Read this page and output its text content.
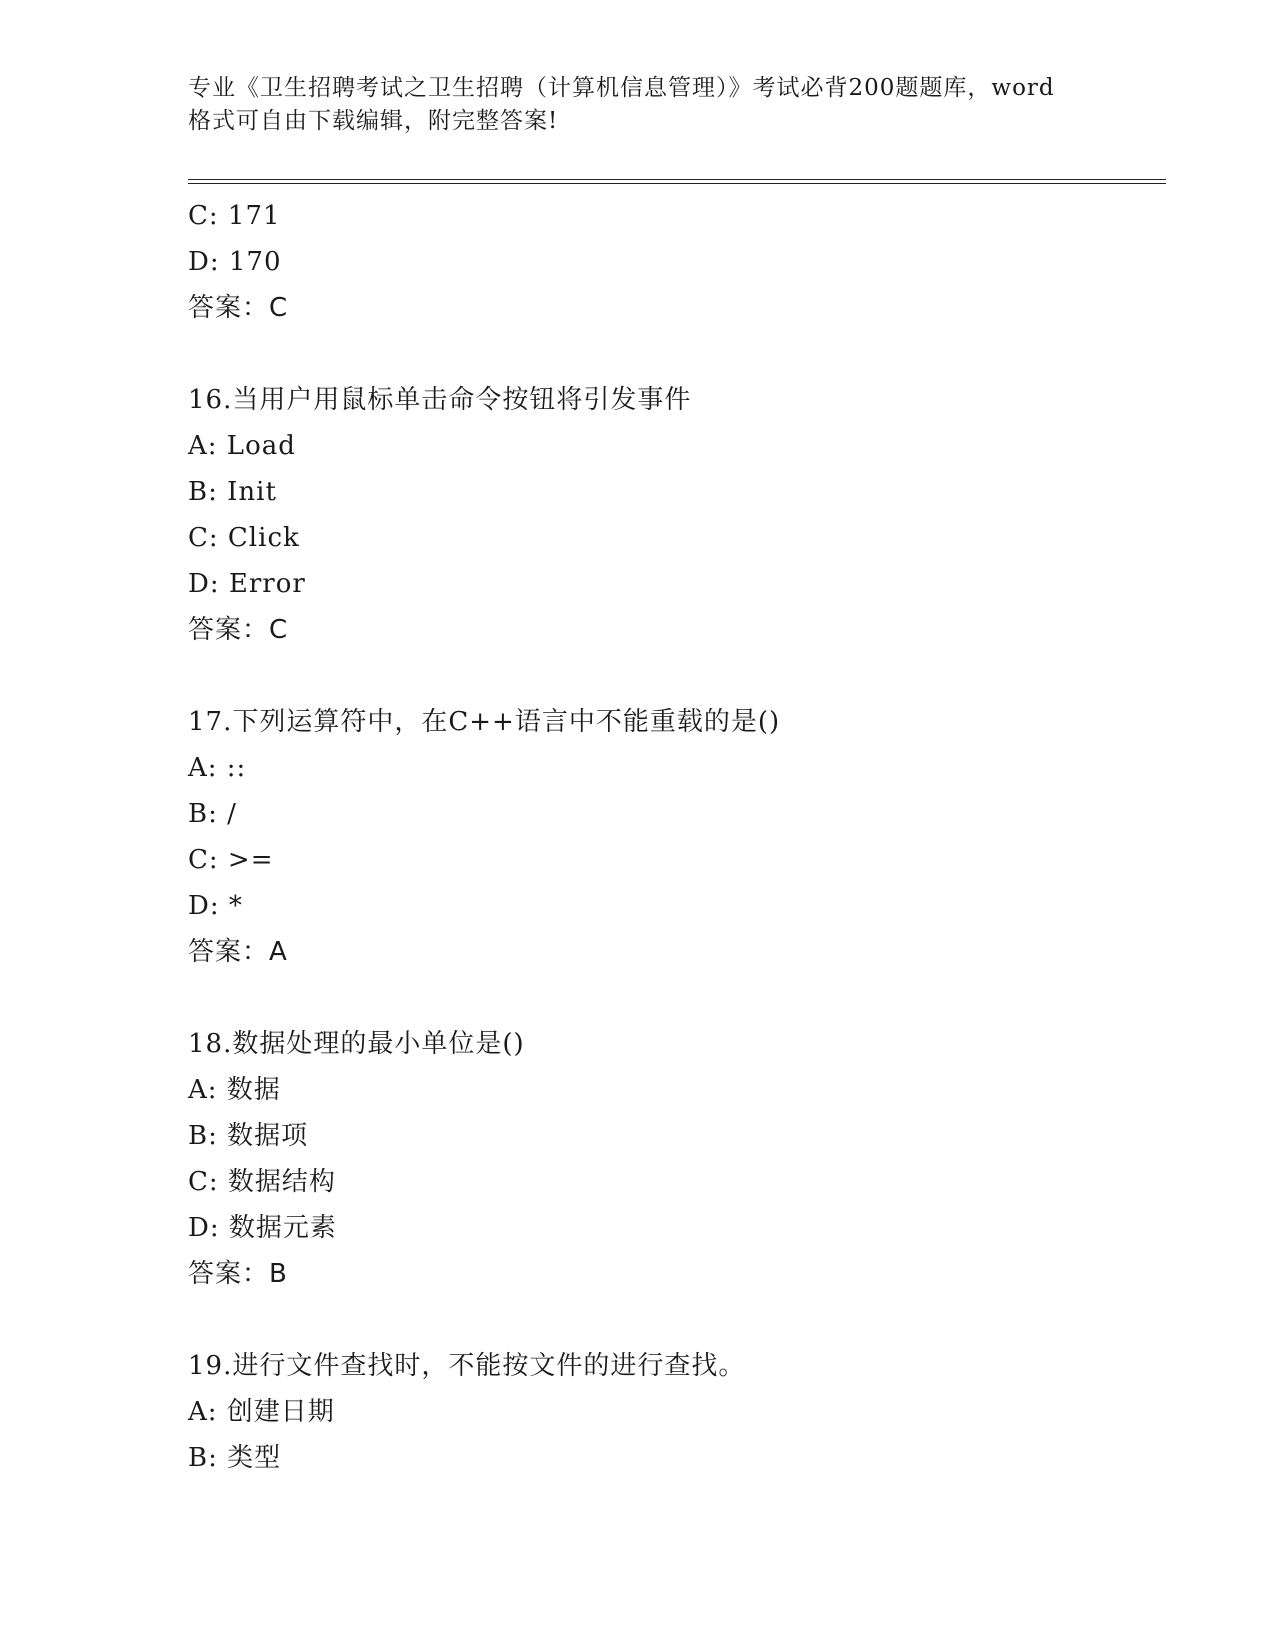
专业《卫生招聘考试之卫生招聘（计算机信息管理）》考试必背200题题库，word
格式可自由下载编辑，附完整答案!
C: 171
D: 170
答案：C
16.当用户用鼠标单击命令按钮将引发事件
A: Load
B: Init
C: Click
D: Error
答案：C
17.下列运算符中，在C++语言中不能重载的是()
A: ::
B: /
C: >=
D: *
答案：A
18.数据处理的最小单位是()
A: 数据
B: 数据项
C: 数据结构
D: 数据元素
答案：B
19.进行文件查找时，不能按文件的进行查找。
A: 创建日期
B: 类型
